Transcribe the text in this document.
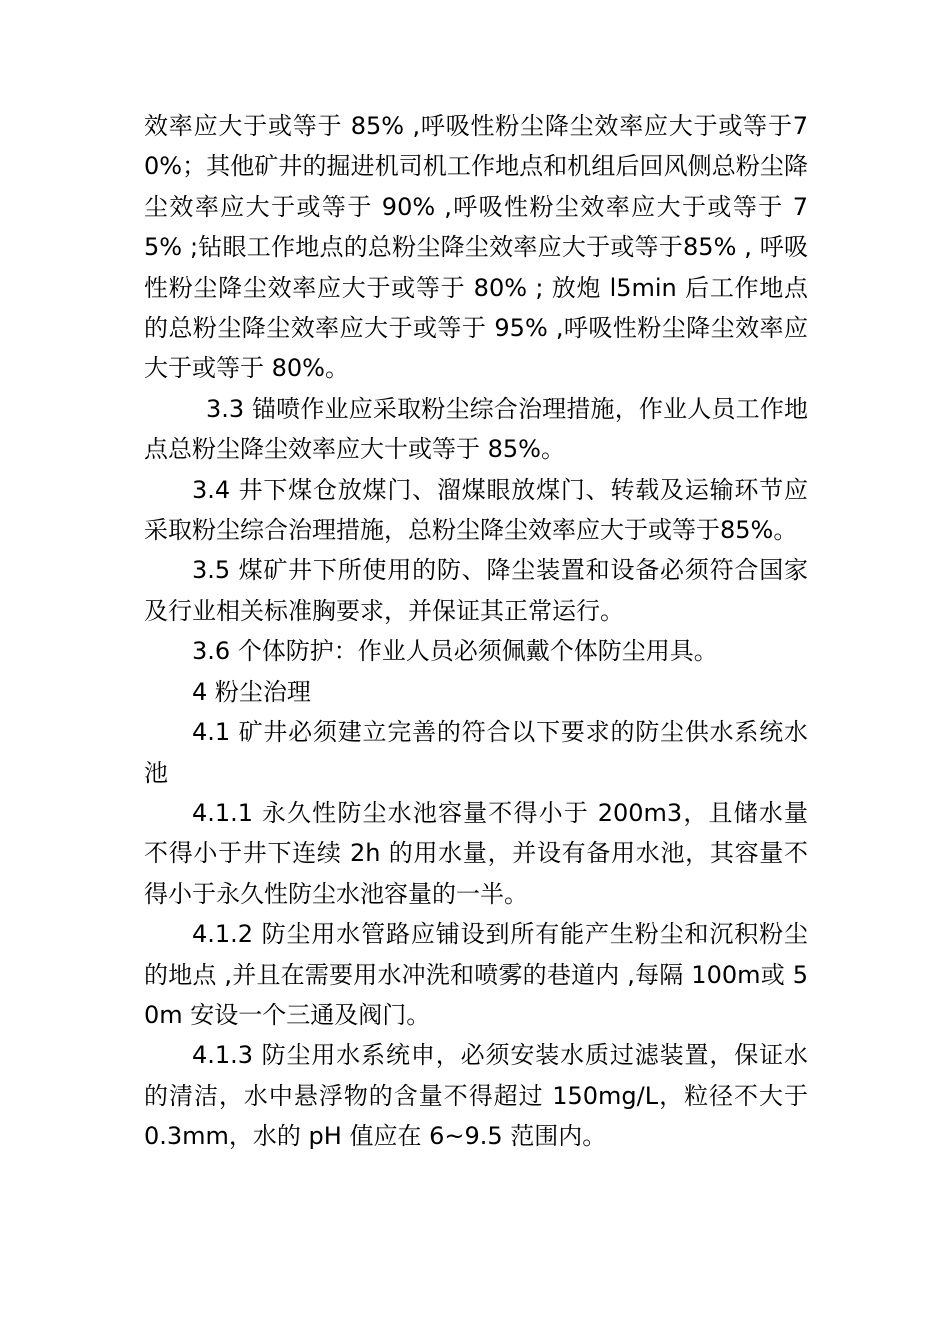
效率应大于或等于 85% ,呼吸性粉尘降尘效率应大于或等于70%；其他矿井的掘进机司机工作地点和机组后回风侧总粉尘降尘效率应大于或等于 90% ,呼吸性粉尘效率应大于或等于 75% ;钻眼工作地点的总粉尘降尘效率应大于或等于85% , 呼吸性粉尘降尘效率应大于或等于 80% ; 放炮 l5min 后工作地点的总粉尘降尘效率应大于或等于 95% ,呼吸性粉尘降尘效率应大于或等于 80%。

3.3 锚喷作业应采取粉尘综合治理措施，作业人员工作地点总粉尘降尘效率应大十或等于 85%。

3.4 井下煤仓放煤门、溜煤眼放煤门、转载及运输环节应采取粉尘综合治理措施，总粉尘降尘效率应大于或等于85%。

3.5 煤矿井下所使用的防、降尘装置和设备必须符合国家及行业相关标准胸要求，并保证其正常运行。

3.6 个体防护：作业人员必须佩戴个体防尘用具。

4 粉尘治理

4.1 矿井必须建立完善的符合以下要求的防尘供水系统水池

4.1.1 永久性防尘水池容量不得小于 200m3，且储水量不得小于井下连续 2h 的用水量，并设有备用水池，其容量不得小于永久性防尘水池容量的一半。

4.1.2 防尘用水管路应铺设到所有能产生粉尘和沉积粉尘的地点 ,并且在需要用水冲洗和喷雾的巷道内 ,每隔 100m或 50m 安设一个三通及阀门。

4.1.3 防尘用水系统申，必须安装水质过滤装置，保证水的清洁，水中悬浮物的含量不得超过 150mg/L，粒径不大于 0.3mm，水的 pH 值应在 6~9.5 范围内。
